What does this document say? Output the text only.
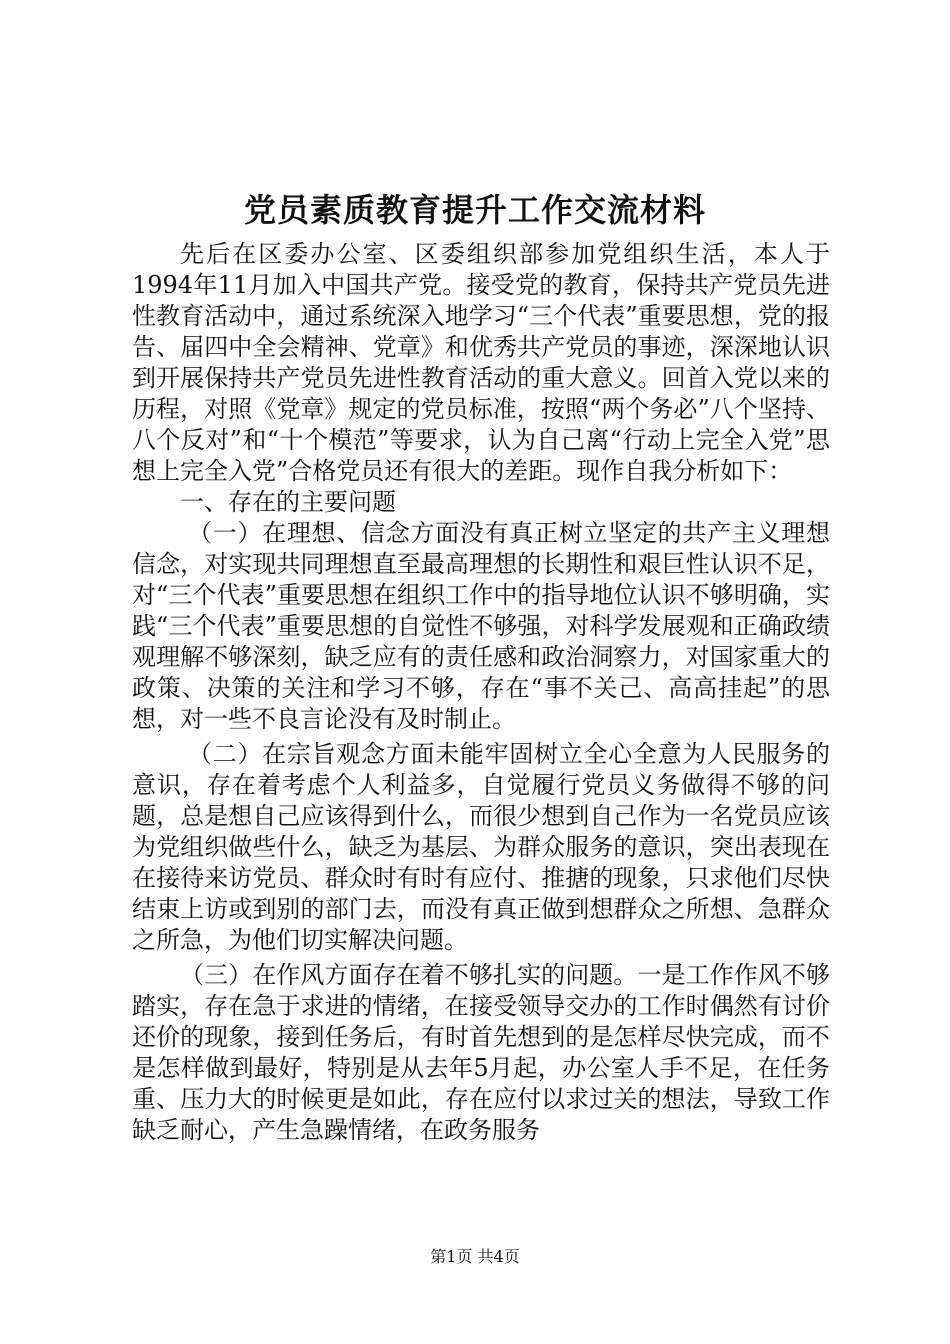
党员素质教育提升工作交流材料

先后在区委办公室、区委组织部参加党组织生活，本人于1994年11月加入中国共产党。接受党的教育，保持共产党员先进性教育活动中，通过系统深入地学习“三个代表”重要思想，党的报告、届四中全会精神、党章》和优秀共产党员的事迹，深深地认识到开展保持共产党员先进性教育活动的重大意义。回首入党以来的历程，对照《党章》规定的党员标准，按照“两个务必”八个坚持、八个反对”和“十个模范”等要求，认为自己离“行动上完全入党”思想上完全入党”合格党员还有很大的差距。现作自我分析如下：

一、存在的主要问题

（一）在理想、信念方面没有真正树立坚定的共产主义理想信念，对实现共同理想直至最高理想的长期性和艰巨性认识不足，对“三个代表”重要思想在组织工作中的指导地位认识不够明确，实践“三个代表”重要思想的自觉性不够强，对科学发展观和正确政绩观理解不够深刻，缺乏应有的责任感和政治洞察力，对国家重大的政策、决策的关注和学习不够，存在“事不关己、高高挂起”的思想，对一些不良言论没有及时制止。

（二）在宗旨观念方面未能牢固树立全心全意为人民服务的意识，存在着考虑个人利益多，自觉履行党员义务做得不够的问题，总是想自己应该得到什么，而很少想到自己作为一名党员应该为党组织做些什么，缺乏为基层、为群众服务的意识，突出表现在在接待来访党员、群众时有时有应付、推搪的现象，只求他们尽快结束上访或到别的部门去，而没有真正做到想群众之所想、急群众之所急，为他们切实解决问题。

（三）在作风方面存在着不够扎实的问题。一是工作作风不够踏实，存在急于求进的情绪，在接受领导交办的工作时偶然有讨价还价的现象，接到任务后，有时首先想到的是怎样尽快完成，而不是怎样做到最好，特别是从去年5月起，办公室人手不足，在任务重、压力大的时候更是如此，存在应付以求过关的想法，导致工作缺乏耐心，产生急躁情绪，在政务服务

第1页 共4页
